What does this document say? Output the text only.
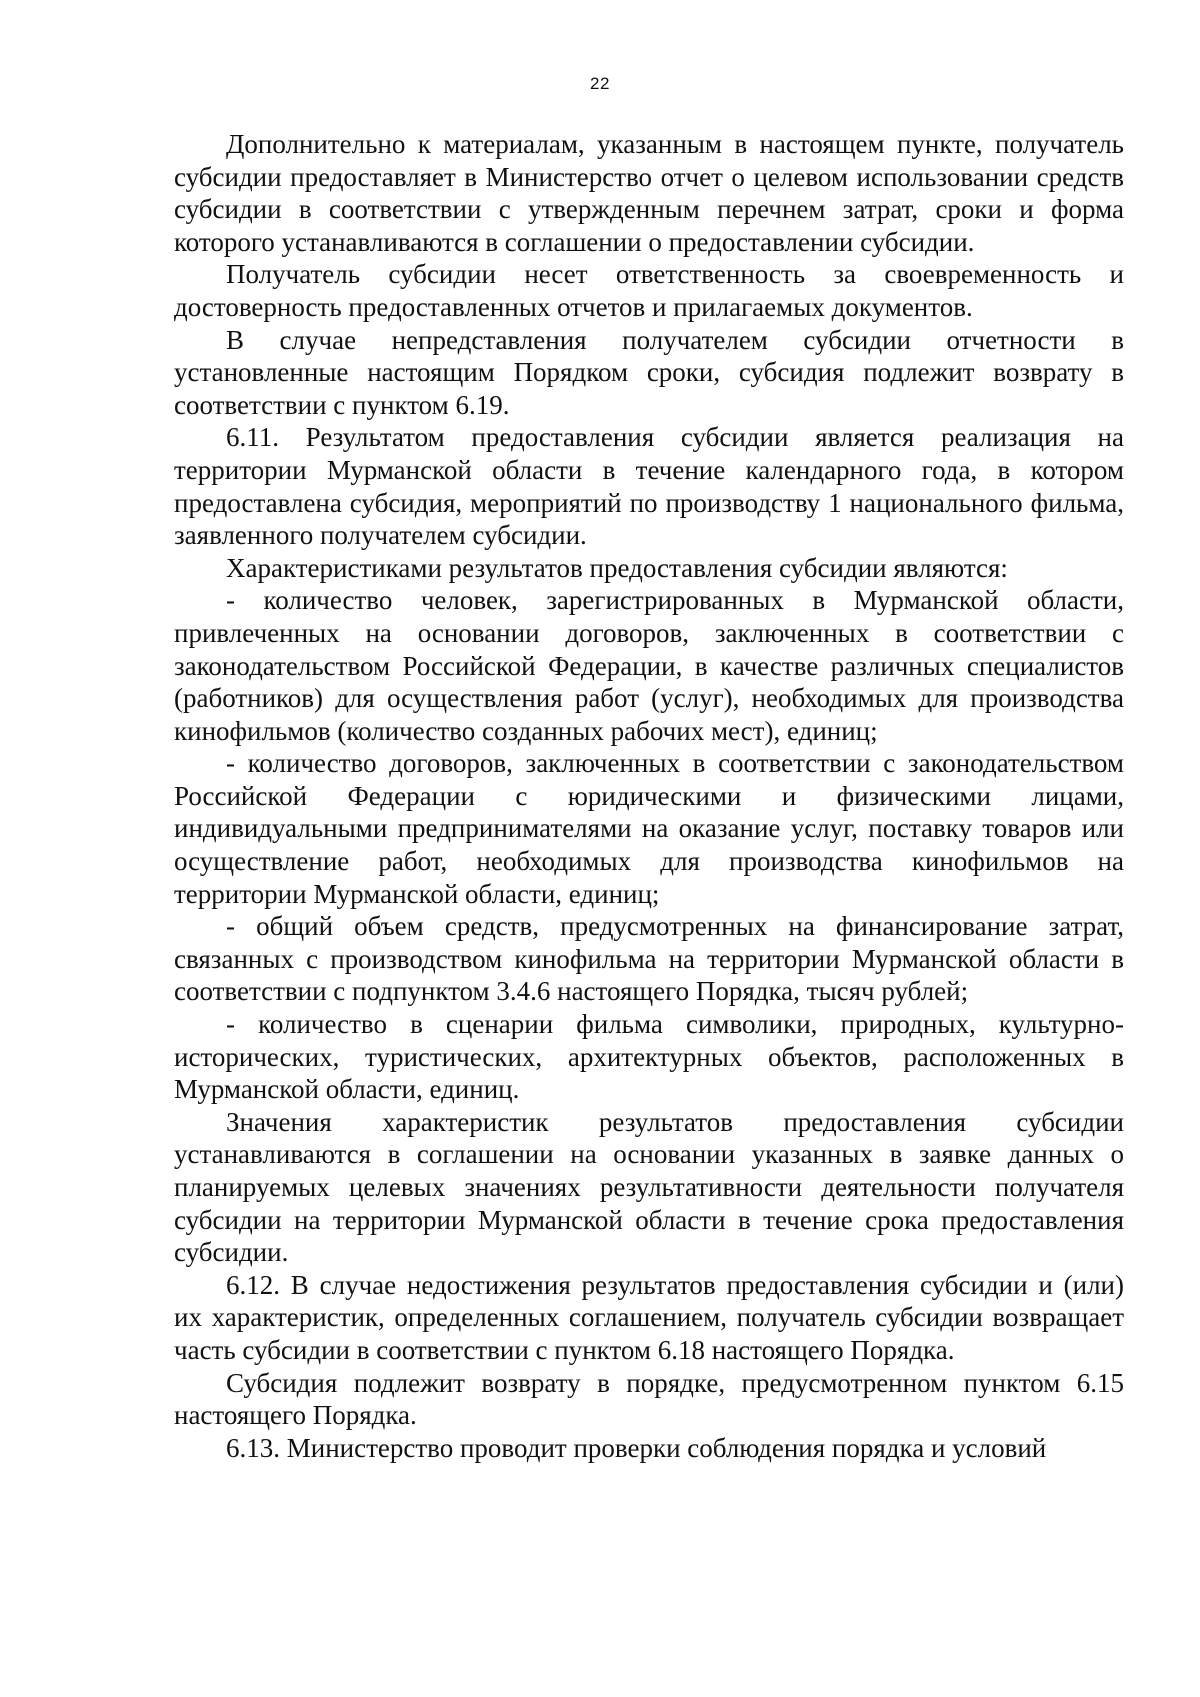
22

Дополнительно к материалам, указанным в настоящем пункте, получатель субсидии предоставляет в Министерство отчет о целевом использовании средств субсидии в соответствии с утвержденным перечнем затрат, сроки и форма которого устанавливаются в соглашении о предоставлении субсидии.

Получатель субсидии несет ответственность за своевременность и достоверность предоставленных отчетов и прилагаемых документов.

В случае непредставления получателем субсидии отчетности в установленные настоящим Порядком сроки, субсидия подлежит возврату в соответствии с пунктом 6.19.

6.11. Результатом предоставления субсидии является реализация на территории Мурманской области в течение календарного года, в котором предоставлена субсидия, мероприятий по производству 1 национального фильма, заявленного получателем субсидии.

Характеристиками результатов предоставления субсидии являются:

- количество человек, зарегистрированных в Мурманской области, привлеченных на основании договоров, заключенных в соответствии с законодательством Российской Федерации, в качестве различных специалистов (работников) для осуществления работ (услуг), необходимых для производства кинофильмов (количество созданных рабочих мест), единиц;

- количество договоров, заключенных в соответствии с законодательством Российской Федерации с юридическими и физическими лицами, индивидуальными предпринимателями на оказание услуг, поставку товаров или осуществление работ, необходимых для производства кинофильмов на территории Мурманской области, единиц;

- общий объем средств, предусмотренных на финансирование затрат, связанных с производством кинофильма на территории Мурманской области в соответствии с подпунктом 3.4.6 настоящего Порядка, тысяч рублей;

- количество в сценарии фильма символики, природных, культурно-исторических, туристических, архитектурных объектов, расположенных в Мурманской области, единиц.

Значения характеристик результатов предоставления субсидии устанавливаются в соглашении на основании указанных в заявке данных о планируемых целевых значениях результативности деятельности получателя субсидии на территории Мурманской области в течение срока предоставления субсидии.

6.12. В случае недостижения результатов предоставления субсидии и (или) их характеристик, определенных соглашением, получатель субсидии возвращает часть субсидии в соответствии с пунктом 6.18 настоящего Порядка.

Субсидия подлежит возврату в порядке, предусмотренном пунктом 6.15 настоящего Порядка.

6.13. Министерство проводит проверки соблюдения порядка и условий
